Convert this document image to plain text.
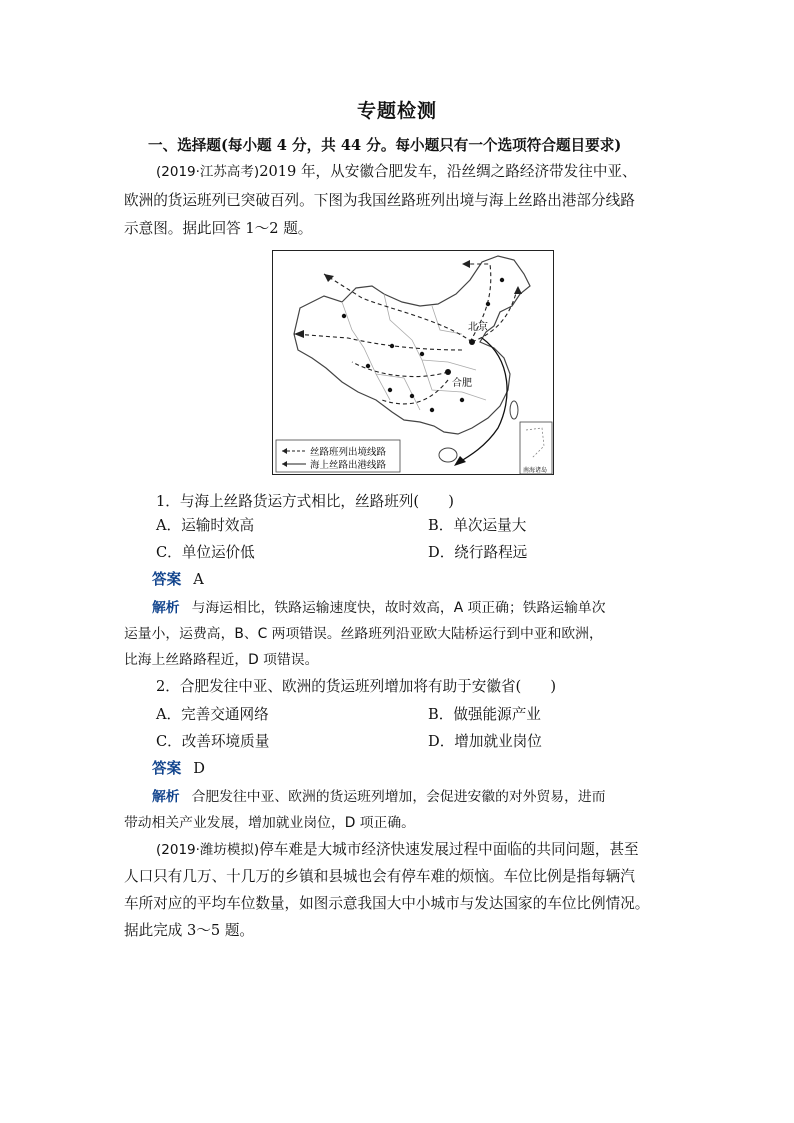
专题检测
一、选择题(每小题 4 分，共 44 分。每小题只有一个选项符合题目要求)
(2019·江苏高考)2019 年，从安徽合肥发车，沿丝绸之路经济带发往中亚、
欧洲的货运班列已突破百列。下图为我国丝路班列出境与海上丝路出港部分线路
示意图。据此回答 1～2 题。
北京
合肥
丝路班列出境线路
海上丝路出港线路	南海诸岛
1．与海上丝路货运方式相比，丝路班列(　　)
A．运输时效高	B．单次运量大
C．单位运价低	D．绕行路程远
答案 A
解析 与海运相比，铁路运输速度快，故时效高，A 项正确；铁路运输单次
运量小，运费高，B、C 两项错误。丝路班列沿亚欧大陆桥运行到中亚和欧洲，
比海上丝路路程近，D 项错误。
2．合肥发往中亚、欧洲的货运班列增加将有助于安徽省(　　)
A．完善交通网络	B．做强能源产业
C．改善环境质量	D．增加就业岗位
答案 D
解析 合肥发往中亚、欧洲的货运班列增加，会促进安徽的对外贸易，进而
带动相关产业发展，增加就业岗位，D 项正确。
(2019·潍坊模拟)停车难是大城市经济快速发展过程中面临的共同问题，甚至
人口只有几万、十几万的乡镇和县城也会有停车难的烦恼。车位比例是指每辆汽
车所对应的平均车位数量，如图示意我国大中小城市与发达国家的车位比例情况。
据此完成 3～5 题。
